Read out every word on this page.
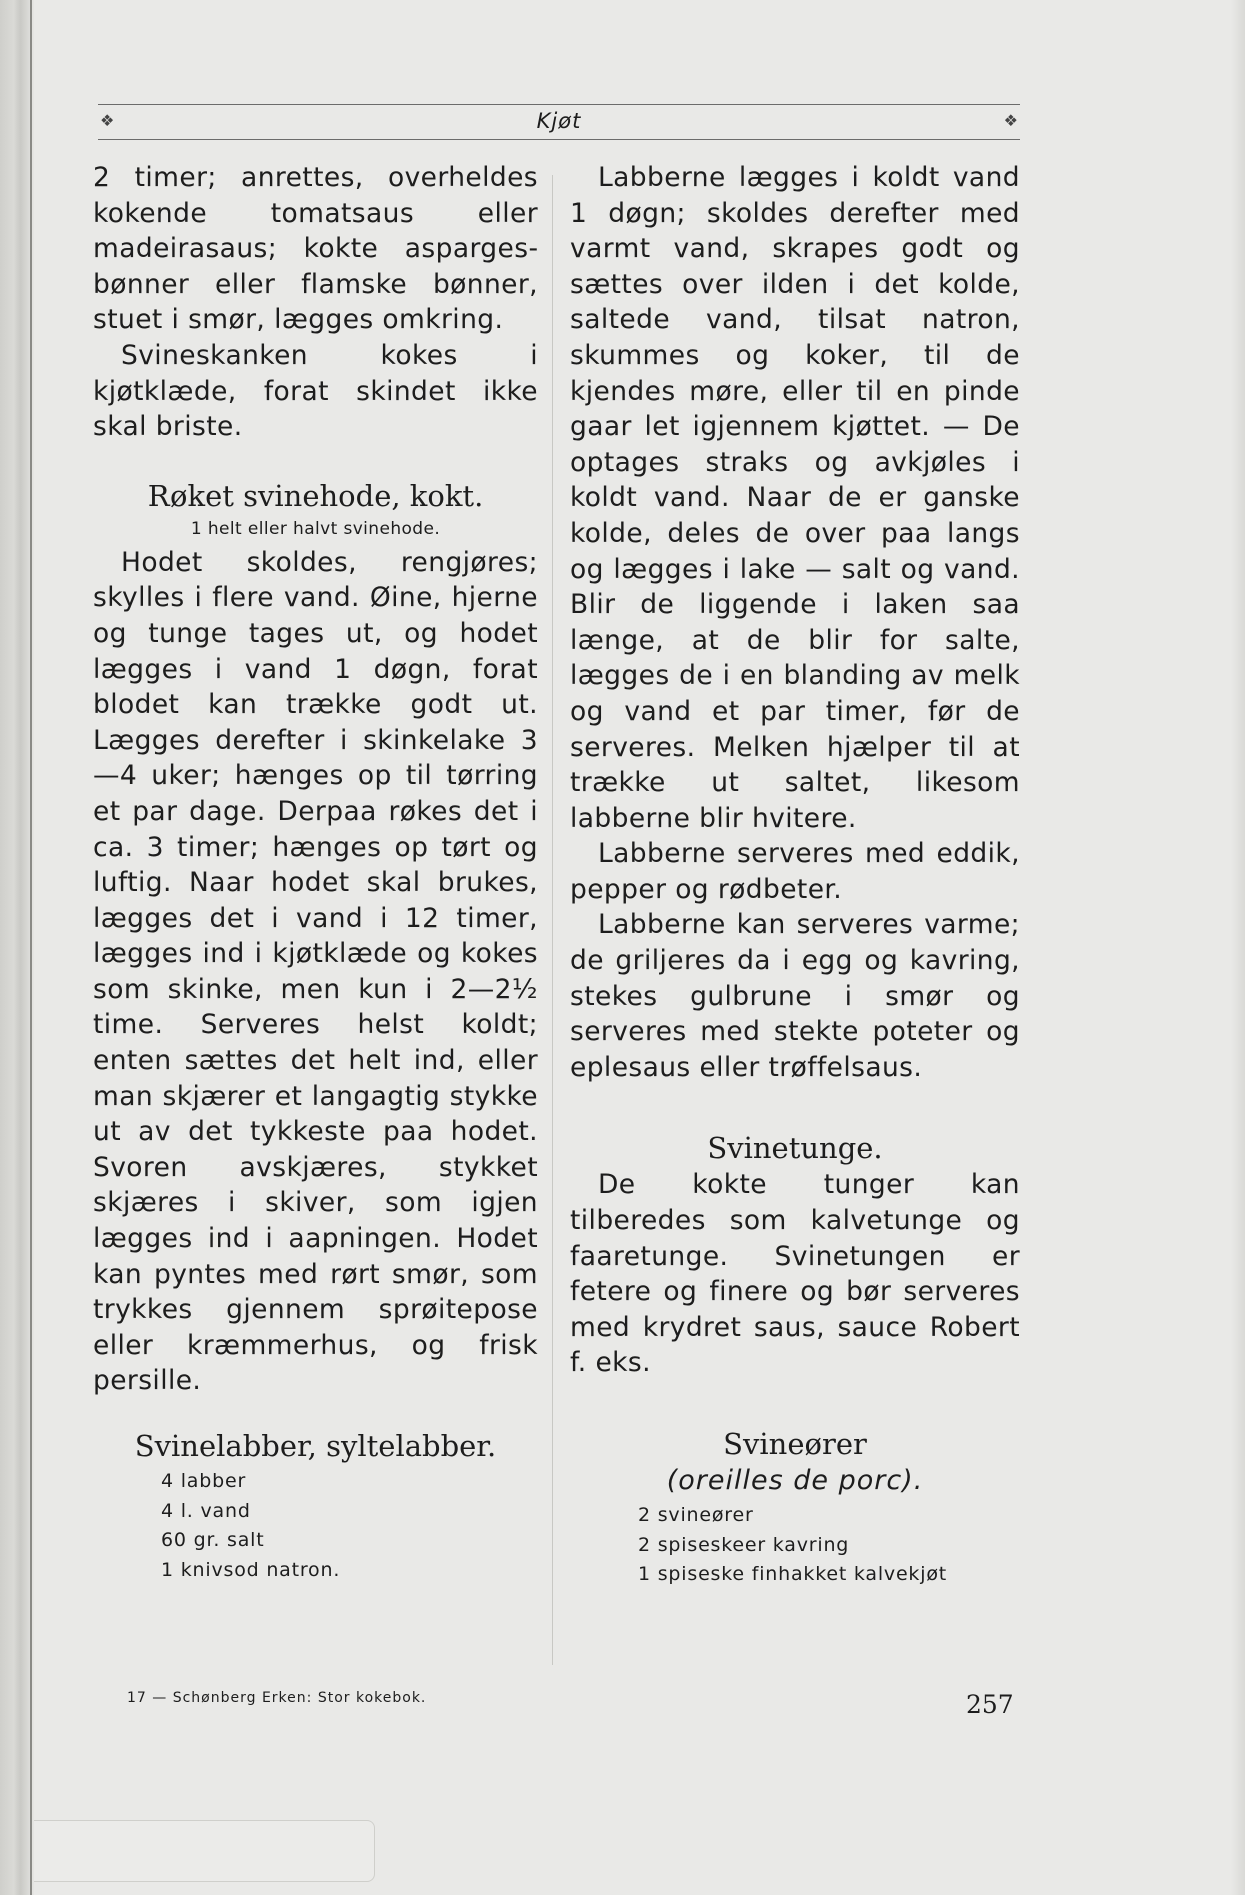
❖	Kjøt	❖

2 timer; anrettes, overheldes kokende tomatsaus eller madeirasaus; kokte aspargesbønner eller flamske bønner, stuet i smør, lægges omkring.

Svineskanken kokes i kjøtklæde, forat skindet ikke skal briste.

Røket svinehode, kokt.
1 helt eller halvt svinehode.

Hodet skoldes, rengjøres; skylles i flere vand. Øine, hjerne og tunge tages ut, og hodet lægges i vand 1 døgn, forat blodet kan trække godt ut. Lægges derefter i skinkelake 3—4 uker; hænges op til tørring et par dage. Derpaa røkes det i ca. 3 timer; hænges op tørt og luftig. Naar hodet skal brukes, lægges det i vand i 12 timer, lægges ind i kjøtklæde og kokes som skinke, men kun i 2—2½ time. Serveres helst koldt; enten sættes det helt ind, eller man skjærer et langagtig stykke ut av det tykkeste paa hodet. Svoren avskjæres, stykket skjæres i skiver, som igjen lægges ind i aapningen. Hodet kan pyntes med rørt smør, som trykkes gjennem sprøitepose eller kræmmerhus, og frisk persille.

Svinelabber, syltelabber.
4 labber
4 l. vand
60 gr. salt
1 knivsod natron.

Labberne lægges i koldt vand 1 døgn; skoldes derefter med varmt vand, skrapes godt og sættes over ilden i det kolde, saltede vand, tilsat natron, skummes og koker, til de kjendes møre, eller til en pinde gaar let igjennem kjøttet. — De optages straks og avkjøles i koldt vand. Naar de er ganske kolde, deles de over paa langs og lægges i lake — salt og vand. Blir de liggende i laken saa længe, at de blir for salte, lægges de i en blanding av melk og vand et par timer, før de serveres. Melken hjælper til at trække ut saltet, likesom labberne blir hvitere.

Labberne serveres med eddik, pepper og rødbeter.

Labberne kan serveres varme; de griljeres da i egg og kavring, stekes gulbrune i smør og serveres med stekte poteter og eplesaus eller trøffelsaus.

Svinetunge.

De kokte tunger kan tilberedes som kalvetunge og faaretunge. Svinetungen er fetere og finere og bør serveres med krydret saus, sauce Robert f. eks.

Svineører
(oreilles de porc).
2 svineører
2 spiseskeer kavring
1 spiseske finhakket kalvekjøt
17 — Schønberg Erken: Stor kokebok.	257
